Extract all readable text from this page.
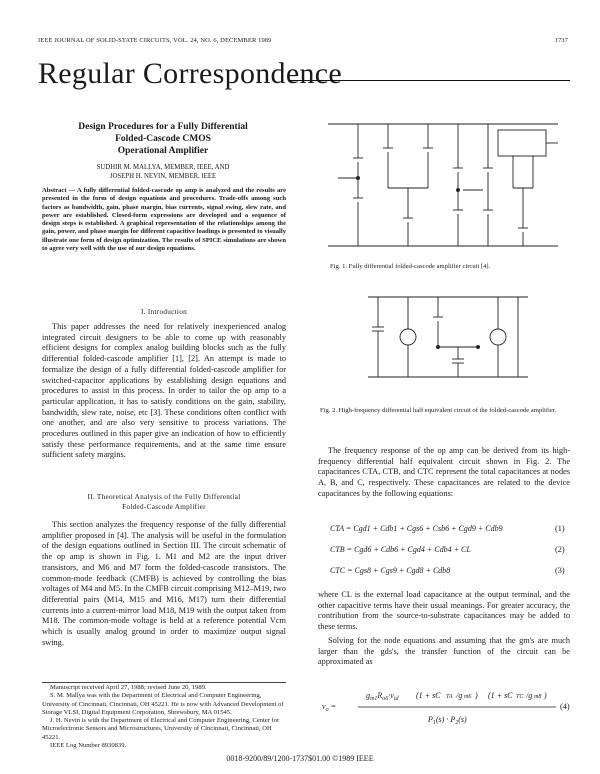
IEEE JOURNAL OF SOLID-STATE CIRCUITS, VOL. 24, NO. 6, DECEMBER 1989	1737
Regular Correspondence
Design Procedures for a Fully Differential
Folded-Cascode CMOS
Operational Amplifier
SUDHIR M. MALLYA, MEMBER, IEEE, AND
JOSEPH H. NEVIN, MEMBER, IEEE
Abstract — A fully differential folded-cascode op amp is analyzed and the results are presented in the form of design equations and procedures. Trade-offs among such factors as bandwidth, gain, phase margin, bias currents, signal swing, slew rate, and power are established. Closed-form expressions are developed and a sequence of design steps is established. A graphical representation of the relationships among the gain, power, and phase margin for different capacitive loadings is presented to visually illustrate one form of design optimization. The results of SPICE simulations are shown to agree very well with the use of our design equations.
I. Introduction
This paper addresses the need for relatively inexperienced analog integrated circuit designers to be able to come up with reasonably efficient designs for complex analog building blocks such as the fully differential folded-cascode amplifier [1], [2]. An attempt is made to formalize the design of a fully differential folded-cascode amplifier for switched-capacitor applications by establishing design equations and procedures to assist in this process. In order to tailor the op amp to a particular application, it has to satisfy conditions on the gain, stability, bandwidth, slew rate, noise, etc [3]. These conditions often conflict with one another, and are also very sensitive to process variations. The procedures outlined in this paper give an indication of how to efficiently satisfy these performance requirements, and at the same time ensure sufficient safety margins.
II. Theoretical Analysis of the Fully Differential
Folded-Cascode Amplifier
This section analyzes the frequency response of the fully differential amplifier proposed in [4]. The analysis will be useful in the formulation of the design equations outlined in Section III. The circuit schematic of the op amp is shown in Fig. 1. M1 and M2 are the input driver transistors, and M6 and M7 form the folded-cascode transistors. The common-mode feedback (CMFB) is achieved by controlling the bias voltages of M4 and M5. In the CMFB circuit comprising M12–M19, two differential pairs (M14, M15 and M16, M17) turn their differential currents into a current-mirror load M18, M19 with the output taken from M18. The common-mode voltage is held at a reference potential Vcm which is usually analog ground in order to maximize output signal swing.
Manuscript received April 27, 1988; revised June 20, 1989.
S. M. Mallya was with the Department of Electrical and Computer Engineering, University of Cincinnati, Cincinnati, OH 45221. He is now with Advanced Development of Storage VLSI, Digital Equipment Corporation, Shrewsbury, MA 01545.
J. H. Nevin is with the Department of Electrical and Computer Engineering, Center for Microelectronic Sensors and Microstructures, University of Cincinnati, Cincinnati, OH 45221.
IEEE Log Number 8930839.
Fig. 1. Fully differential folded-cascode amplifier circuit [4].
Fig. 2. High-frequency differential half equivalent circuit of the folded-cascode amplifier.
The frequency response of the op amp can be derived from its high-frequency differential half equivalent circuit shown in Fig. 2. The capacitances CTA, CTB, and CTC represent the total capacitances at nodes A, B, and C, respectively. These capacitances are related to the device capacitances by the following equations:
CTA = Cgd1 + Cdb1 + Cgs6 + Csb6 + Cgd9 + Cdb9	(1)
CTB = Cgd6 + Cdb6 + Cgd4 + Cdb4 + CL	(2)
CTC = Cgs8 + Cgs9 + Cgd8 + Cdb8	(3)
where CL is the external load capacitance at the output terminal, and the other capacitive terms have their usual meanings. For greater accuracy, the contribution from the source-to-substrate capacitances may be added to these terms.
Solving for the node equations and assuming that the gm's are much larger than the gds's, the transfer function of the circuit can be approximated as
$v_o$ =
$g_{m1}R_{o6}\cdot v_{id}$ (1 + sC TA /g m6 ) (1 + sC TC /g m8 )
$P_1(s) \cdot P_2(s)$
(4)
0018-9200/89/1200-1737$01.00 ©1989 IEEE
